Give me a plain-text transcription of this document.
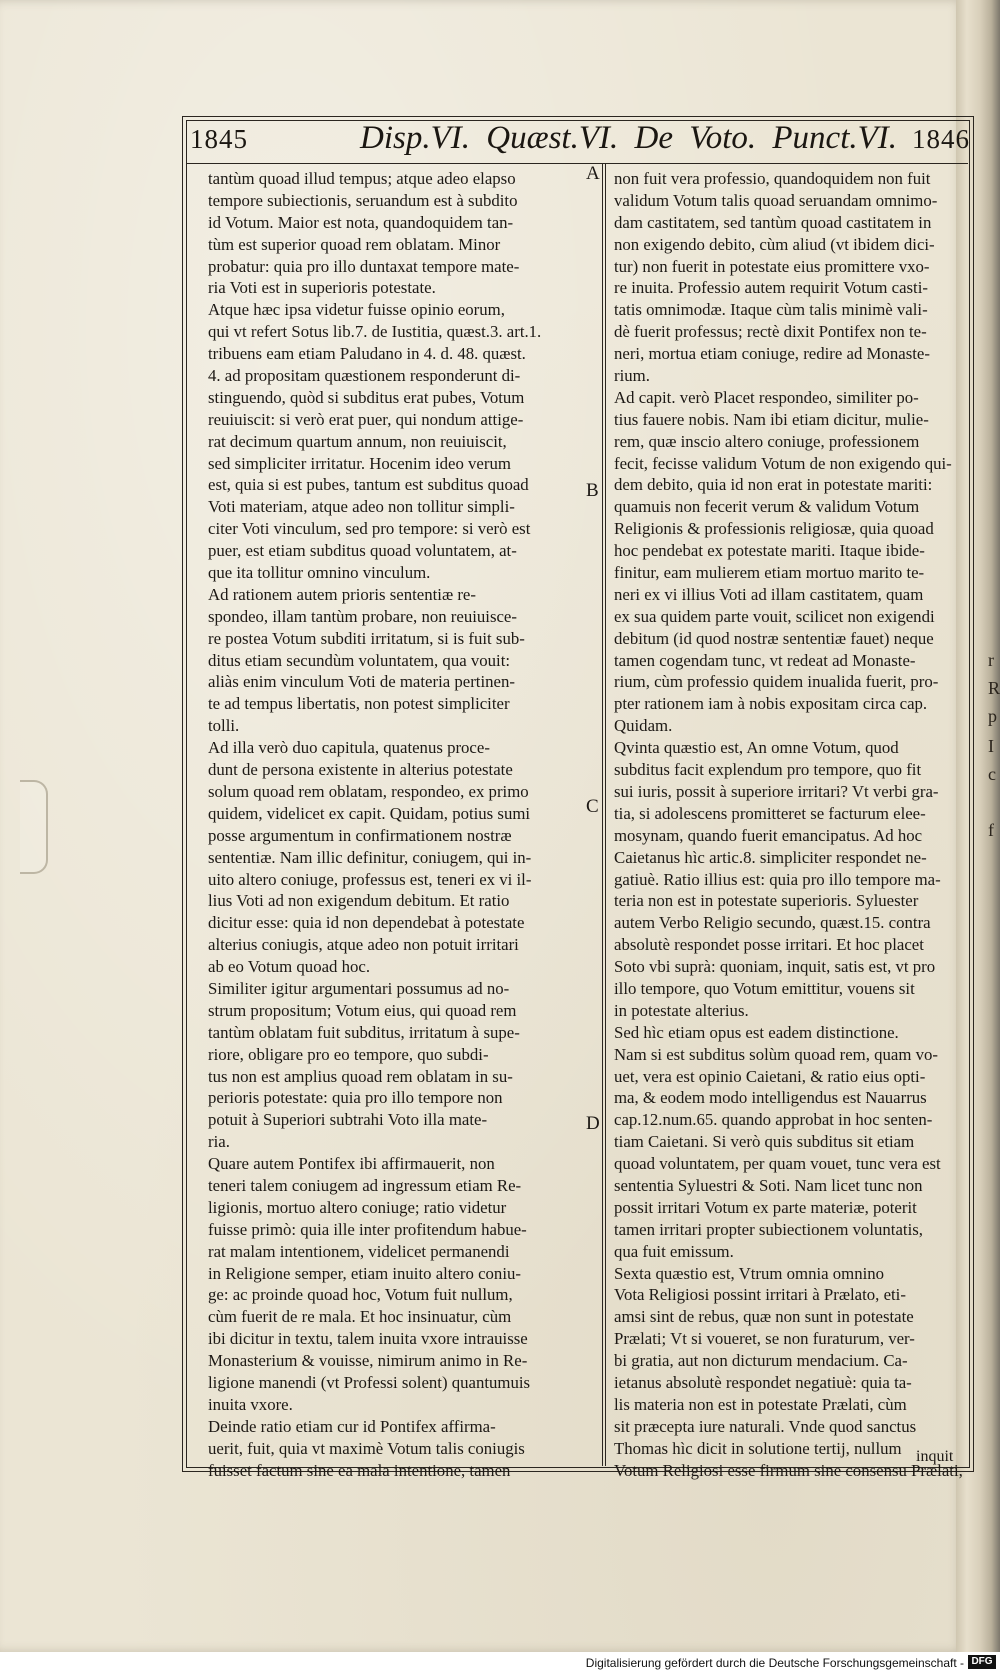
r
R
p
I
c
f
1845	Disp.VI. Quæst.VI. De Voto. Punct.VI. 1846
A
B
C
D
tantùm quoad illud tempus; atque adeo elapso
tempore subiectionis, seruandum est à subdito
id Votum. Maior est nota, quandoquidem tan-
tùm est superior quoad rem oblatam. Minor
probatur: quia pro illo duntaxat tempore mate-
ria Voti est in superioris potestate.
Atque hæc ipsa videtur fuisse opinio eorum,
qui vt refert Sotus lib.7. de Iustitia, quæst.3. art.1.
tribuens eam etiam Paludano in 4. d. 48. quæst.
4. ad propositam quæstionem responderunt di-
stinguendo, quòd si subditus erat pubes, Votum
reuiuiscit: si verò erat puer, qui nondum attige-
rat decimum quartum annum, non reuiuiscit,
sed simpliciter irritatur. Hocenim ideo verum
est, quia si est pubes, tantum est subditus quoad
Voti materiam, atque adeo non tollitur simpli-
citer Voti vinculum, sed pro tempore: si verò est
puer, est etiam subditus quoad voluntatem, at-
que ita tollitur omnino vinculum.
Ad rationem autem prioris sententiæ re-
spondeo, illam tantùm probare, non reuiuisce-
re postea Votum subditi irritatum, si is fuit sub-
ditus etiam secundùm voluntatem, qua vouit:
aliàs enim vinculum Voti de materia pertinen-
te ad tempus libertatis, non potest simpliciter
tolli.
Ad illa verò duo capitula, quatenus proce-
dunt de persona existente in alterius potestate
solum quoad rem oblatam, respondeo, ex primo
quidem, videlicet ex capit. Quidam, potius sumi
posse argumentum in confirmationem nostræ
sententiæ. Nam illic definitur, coniugem, qui in-
uito altero coniuge, professus est, teneri ex vi il-
lius Voti ad non exigendum debitum. Et ratio
dicitur esse: quia id non dependebat à potestate
alterius coniugis, atque adeo non potuit irritari
ab eo Votum quoad hoc.
Similiter igitur argumentari possumus ad no-
strum propositum; Votum eius, qui quoad rem
tantùm oblatam fuit subditus, irritatum à supe-
riore, obligare pro eo tempore, quo subdi-
tus non est amplius quoad rem oblatam in su-
perioris potestate: quia pro illo tempore non
potuit à Superiori subtrahi Voto illa mate-
ria.
Quare autem Pontifex ibi affirmauerit, non
teneri talem coniugem ad ingressum etiam Re-
ligionis, mortuo altero coniuge; ratio videtur
fuisse primò: quia ille inter profitendum habue-
rat malam intentionem, videlicet permanendi
in Religione semper, etiam inuito altero coniu-
ge: ac proinde quoad hoc, Votum fuit nullum,
cùm fuerit de re mala. Et hoc insinuatur, cùm
ibi dicitur in textu, talem inuita vxore intrauisse
Monasterium & vouisse, nimirum animo in Re-
ligione manendi (vt Professi solent) quantumuis
inuita vxore.
Deinde ratio etiam cur id Pontifex affirma-
uerit, fuit, quia vt maximè Votum talis coniugis
fuisset factum sine ea mala intentione, tamen
non fuit vera professio, quandoquidem non fuit
validum Votum talis quoad seruandam omnimo-
dam castitatem, sed tantùm quoad castitatem in
non exigendo debito, cùm aliud (vt ibidem dici-
tur) non fuerit in potestate eius promittere vxo-
re inuita. Professio autem requirit Votum casti-
tatis omnimodæ. Itaque cùm talis minimè vali-
dè fuerit professus; rectè dixit Pontifex non te-
neri, mortua etiam coniuge, redire ad Monaste-
rium.
Ad capit. verò Placet respondeo, similiter po-
tius fauere nobis. Nam ibi etiam dicitur, mulie-
rem, quæ inscio altero coniuge, professionem
fecit, fecisse validum Votum de non exigendo qui-
dem debito, quia id non erat in potestate mariti:
quamuis non fecerit verum & validum Votum
Religionis & professionis religiosæ, quia quoad
hoc pendebat ex potestate mariti. Itaque ibide-
finitur, eam mulierem etiam mortuo marito te-
neri ex vi illius Voti ad illam castitatem, quam
ex sua quidem parte vouit, scilicet non exigendi
debitum (id quod nostræ sententiæ fauet) neque
tamen cogendam tunc, vt redeat ad Monaste-
rium, cùm professio quidem inualida fuerit, pro-
pter rationem iam à nobis expositam circa cap.
Quidam.
Qvinta quæstio est, An omne Votum, quod
subditus facit explendum pro tempore, quo fit
sui iuris, possit à superiore irritari? Vt verbi gra-
tia, si adolescens promitteret se facturum elee-
mosynam, quando fuerit emancipatus. Ad hoc
Caietanus hìc artic.8. simpliciter respondet ne-
gatiuè. Ratio illius est: quia pro illo tempore ma-
teria non est in potestate superioris. Syluester
autem Verbo Religio secundo, quæst.15. contra
absolutè respondet posse irritari. Et hoc placet
Soto vbi suprà: quoniam, inquit, satis est, vt pro
illo tempore, quo Votum emittitur, vouens sit
in potestate alterius.
Sed hìc etiam opus est eadem distinctione.
Nam si est subditus solùm quoad rem, quam vo-
uet, vera est opinio Caietani, & ratio eius opti-
ma, & eodem modo intelligendus est Nauarrus
cap.12.num.65. quando approbat in hoc senten-
tiam Caietani. Si verò quis subditus sit etiam
quoad voluntatem, per quam vouet, tunc vera est
sententia Syluestri & Soti. Nam licet tunc non
possit irritari Votum ex parte materiæ, poterit
tamen irritari propter subiectionem voluntatis,
qua fuit emissum.
Sexta quæstio est, Vtrum omnia omnino
Vota Religiosi possint irritari à Prælato, eti-
amsi sint de rebus, quæ non sunt in potestate
Prælati; Vt si voueret, se non furaturum, ver-
bi gratia, aut non dicturum mendacium. Ca-
ietanus absolutè respondet negatiuè: quia ta-
lis materia non est in potestate Prælati, cùm
sit præcepta iure naturali. Vnde quod sanctus
Thomas hìc dicit in solutione tertij, nullum
Votum Religiosi esse firmum sine consensu Prælati,
inquit
Digitalisierung gefördert durch die Deutsche Forschungsgemeinschaft - DFG
